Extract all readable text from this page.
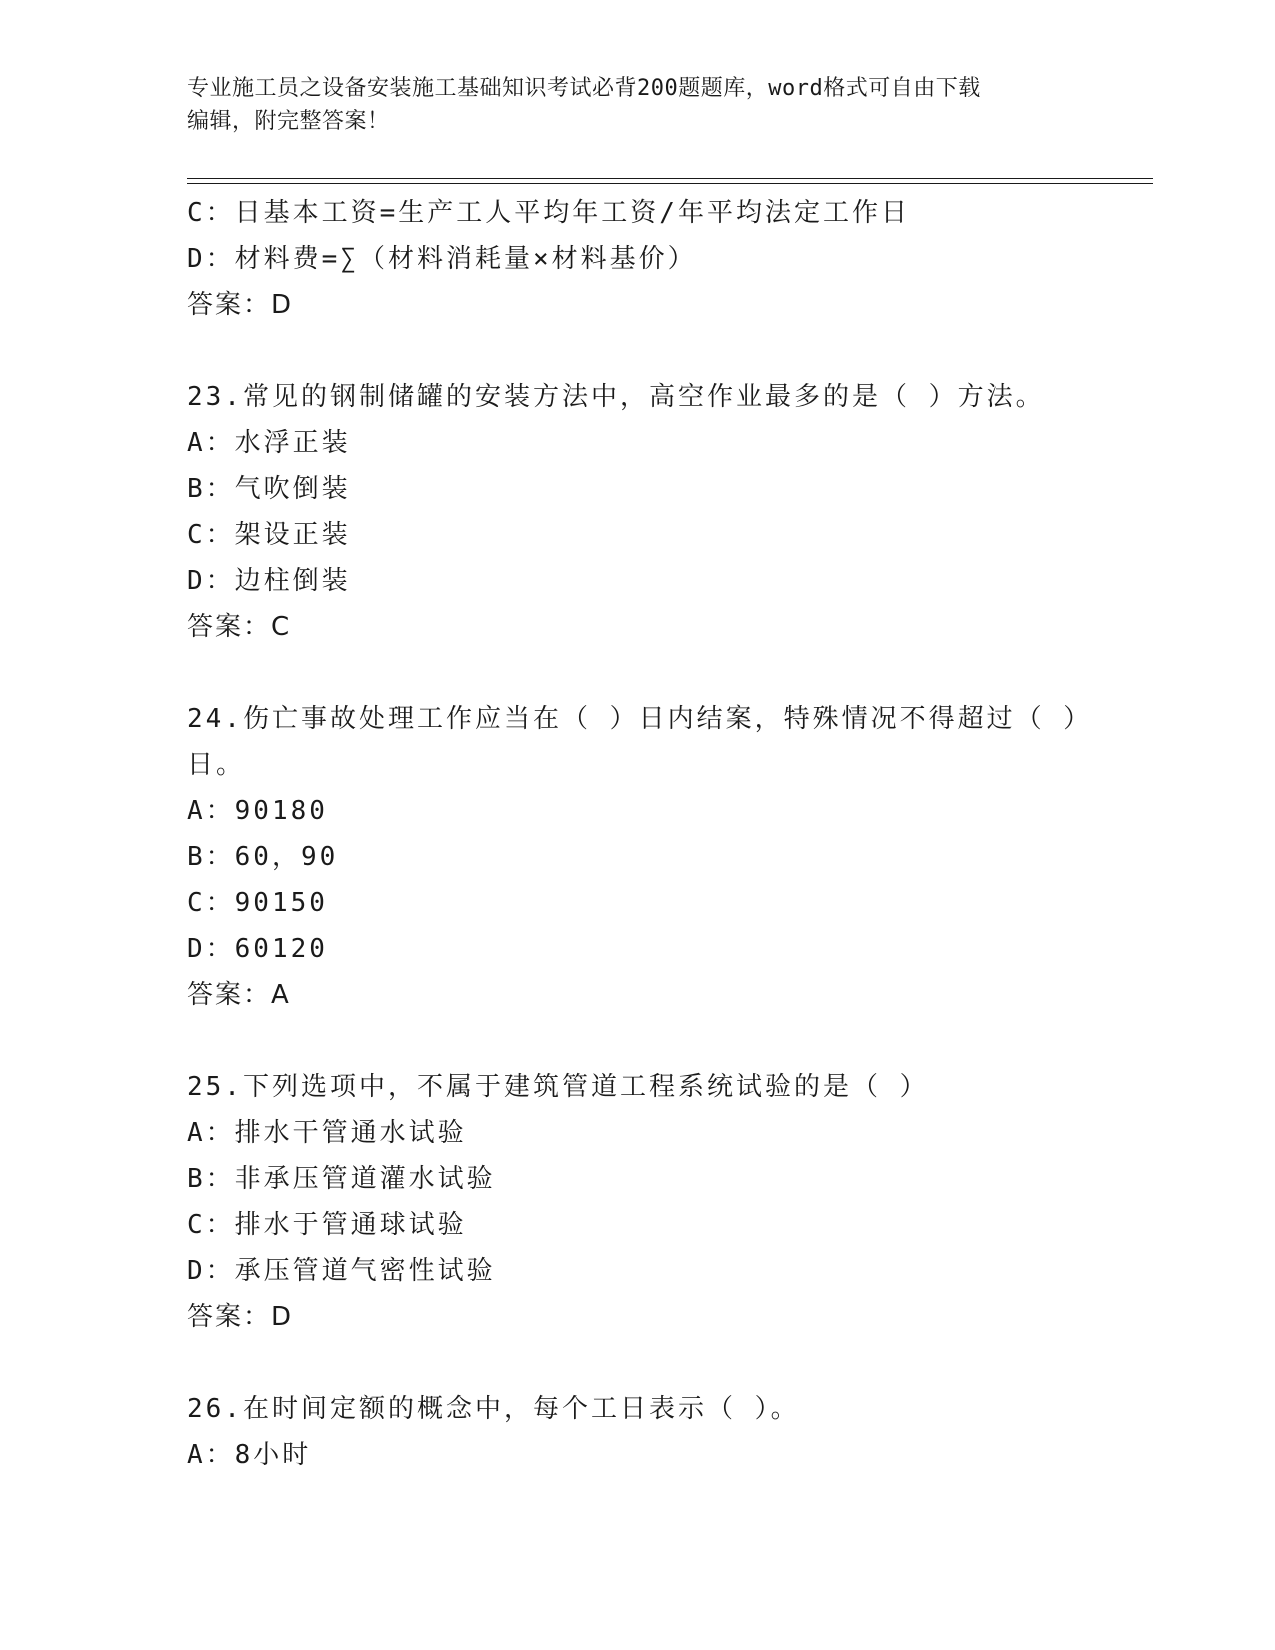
专业施工员之设备安装施工基础知识考试必背200题题库，word格式可自由下载
编辑，附完整答案！
C：日基本工资=生产工人平均年工资/年平均法定工作日
D：材料费=∑（材料消耗量×材料基价）
答案：D
23.常见的钢制储罐的安装方法中，高空作业最多的是（ ）方法。
A：水浮正装
B：气吹倒装
C：架设正装
D：边柱倒装
答案：C
24.伤亡事故处理工作应当在（ ）日内结案，特殊情况不得超过（ ）
日。
A：90180
B：60，90
C：90150
D：60120
答案：A
25.下列选项中，不属于建筑管道工程系统试验的是（ ）
A：排水干管通水试验
B：非承压管道灌水试验
C：排水于管通球试验
D：承压管道气密性试验
答案：D
26.在时间定额的概念中，每个工日表示（ ）。
A：8小时
